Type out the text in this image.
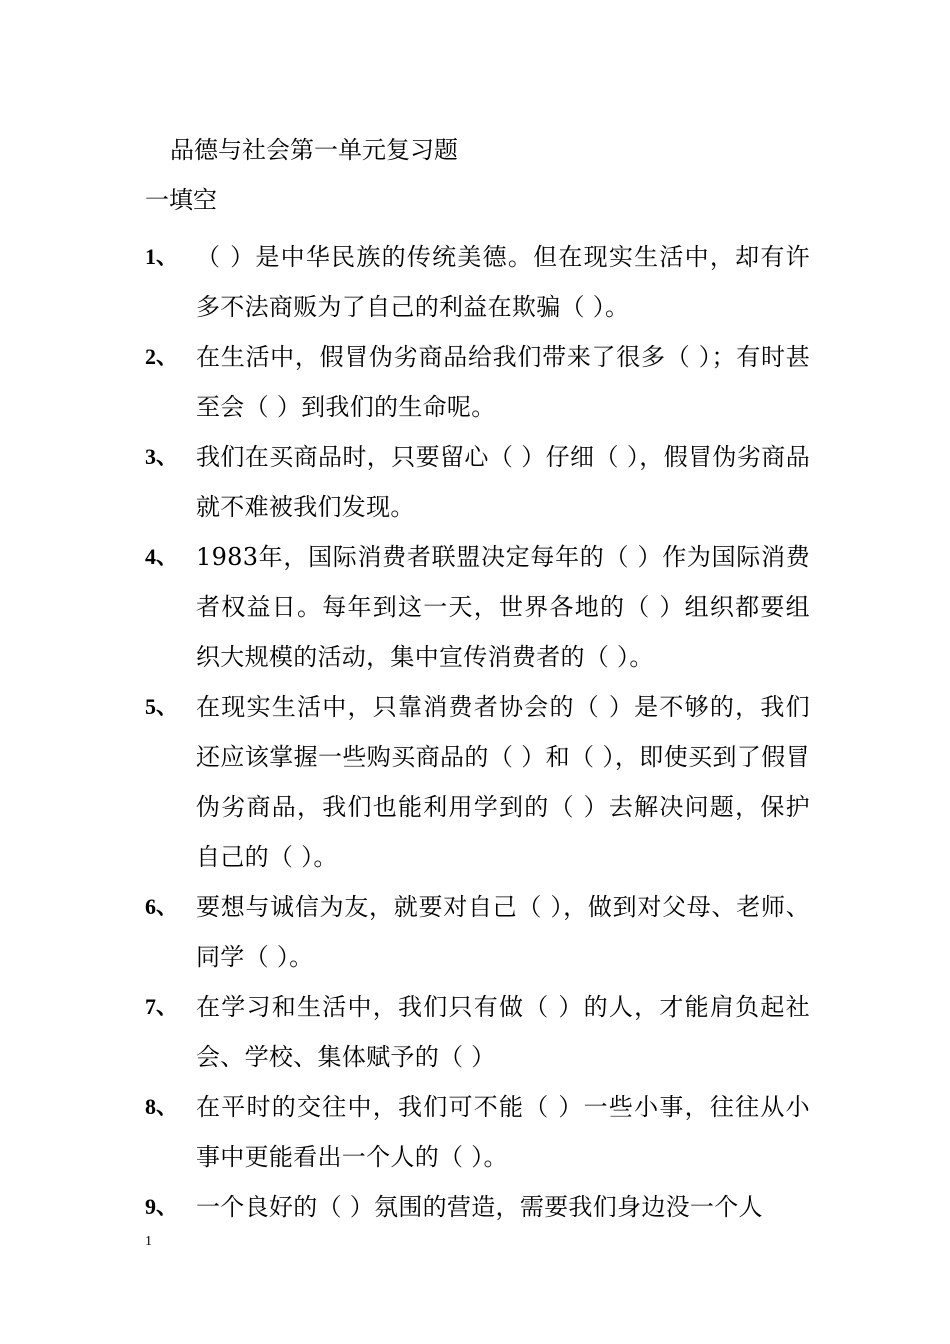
品德与社会第一单元复习题
一填空
1、 （ ）是中华民族的传统美德。但在现实生活中，却有许多不法商贩为了自己的利益在欺骗（ ）。
2、 在生活中，假冒伪劣商品给我们带来了很多（ ）；有时甚至会（ ）到我们的生命呢。
3、 我们在买商品时，只要留心（ ）仔细（ ），假冒伪劣商品就不难被我们发现。
4、 1983年，国际消费者联盟决定每年的（ ）作为国际消费者权益日。每年到这一天，世界各地的（ ）组织都要组织大规模的活动，集中宣传消费者的（ ）。
5、 在现实生活中，只靠消费者协会的（ ）是不够的，我们还应该掌握一些购买商品的（ ）和（ ），即使买到了假冒伪劣商品，我们也能利用学到的（ ）去解决问题，保护自己的（ ）。
6、 要想与诚信为友，就要对自己（ ），做到对父母、老师、同学（ ）。
7、 在学习和生活中，我们只有做（ ）的人，才能肩负起社会、学校、集体赋予的（ ）
8、 在平时的交往中，我们可不能（ ）一些小事，往往从小事中更能看出一个人的（ ）。
9、 一个良好的（ ）氛围的营造，需要我们身边没一个人
1
